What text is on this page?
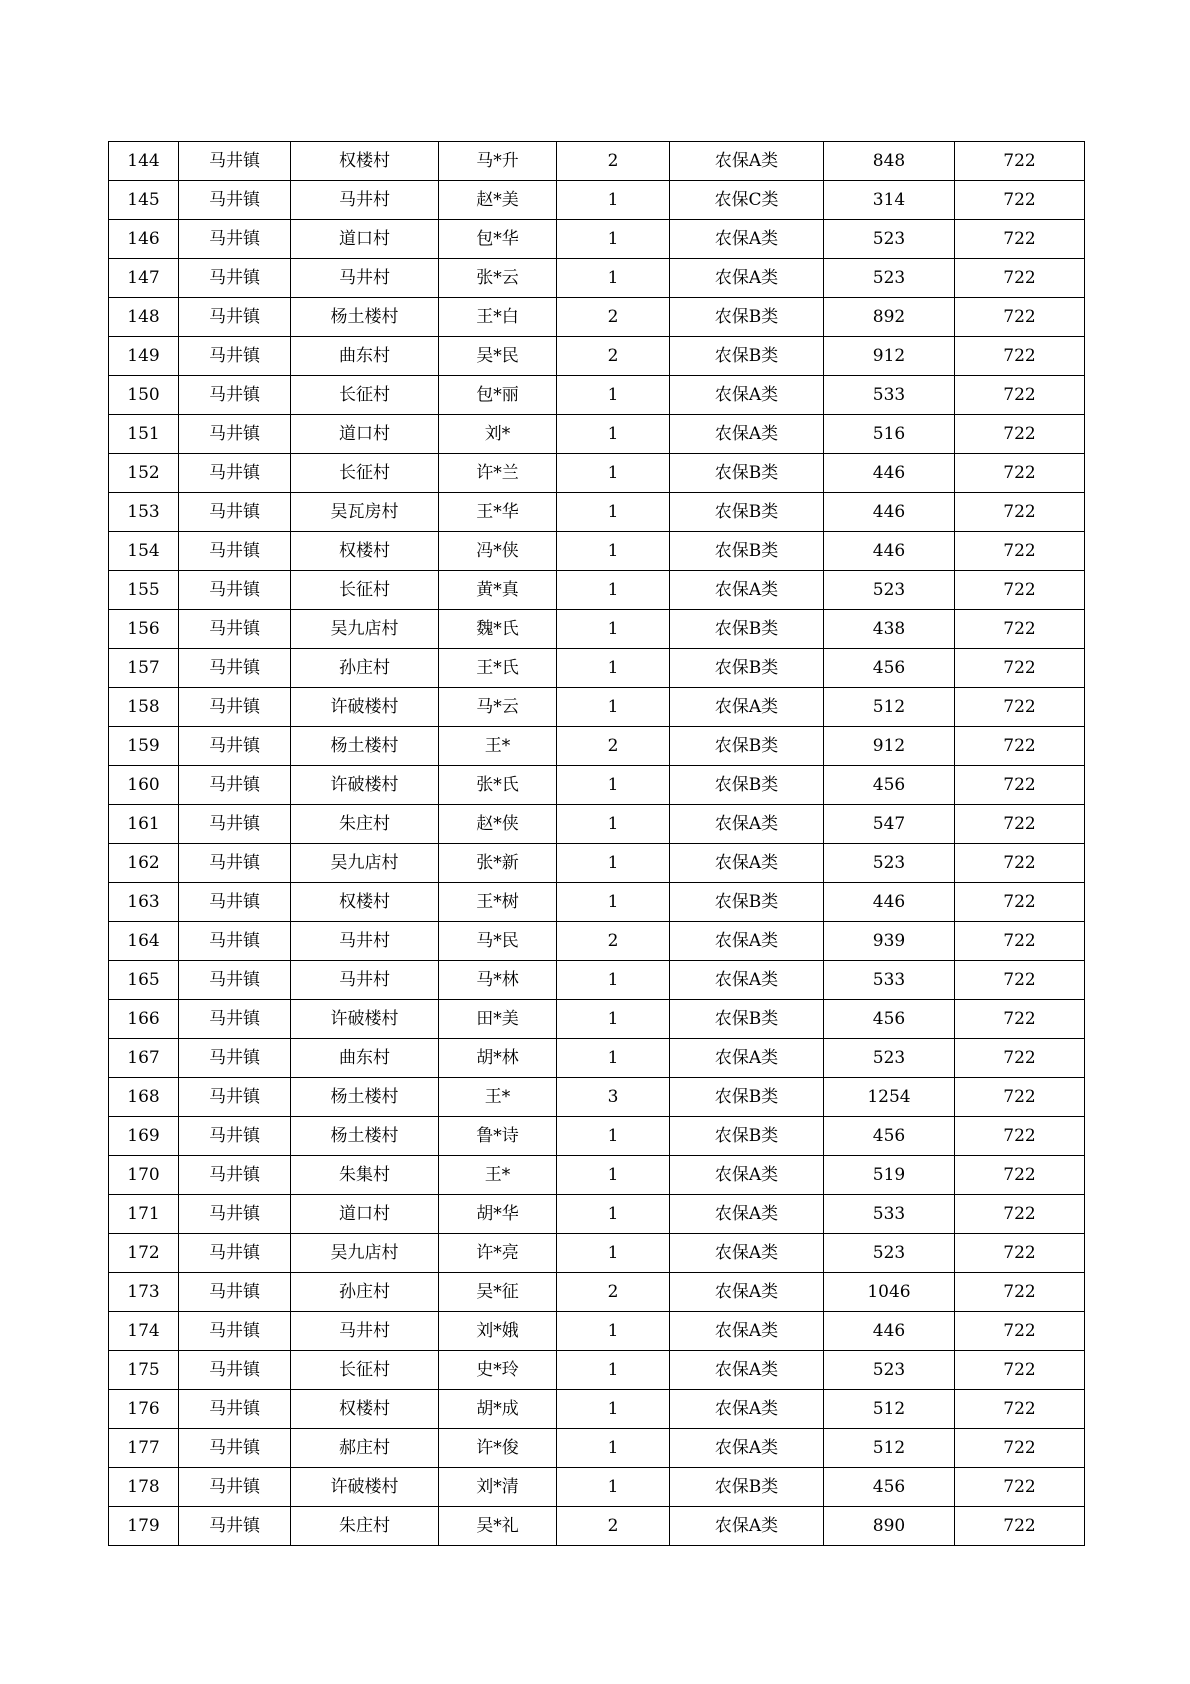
144	马井镇	权楼村	马*升	2	农保A类	848	722
145	马井镇	马井村	赵*美	1	农保C类	314	722
146	马井镇	道口村	包*华	1	农保A类	523	722
147	马井镇	马井村	张*云	1	农保A类	523	722
148	马井镇	杨土楼村	王*白	2	农保B类	892	722
149	马井镇	曲东村	吴*民	2	农保B类	912	722
150	马井镇	长征村	包*丽	1	农保A类	533	722
151	马井镇	道口村	刘*	1	农保A类	516	722
152	马井镇	长征村	许*兰	1	农保B类	446	722
153	马井镇	吴瓦房村	王*华	1	农保B类	446	722
154	马井镇	权楼村	冯*侠	1	农保B类	446	722
155	马井镇	长征村	黄*真	1	农保A类	523	722
156	马井镇	吴九店村	魏*氏	1	农保B类	438	722
157	马井镇	孙庄村	王*氏	1	农保B类	456	722
158	马井镇	许破楼村	马*云	1	农保A类	512	722
159	马井镇	杨土楼村	王*	2	农保B类	912	722
160	马井镇	许破楼村	张*氏	1	农保B类	456	722
161	马井镇	朱庄村	赵*侠	1	农保A类	547	722
162	马井镇	吴九店村	张*新	1	农保A类	523	722
163	马井镇	权楼村	王*树	1	农保B类	446	722
164	马井镇	马井村	马*民	2	农保A类	939	722
165	马井镇	马井村	马*林	1	农保A类	533	722
166	马井镇	许破楼村	田*美	1	农保B类	456	722
167	马井镇	曲东村	胡*林	1	农保A类	523	722
168	马井镇	杨土楼村	王*	3	农保B类	1254	722
169	马井镇	杨土楼村	鲁*诗	1	农保B类	456	722
170	马井镇	朱集村	王*	1	农保A类	519	722
171	马井镇	道口村	胡*华	1	农保A类	533	722
172	马井镇	吴九店村	许*亮	1	农保A类	523	722
173	马井镇	孙庄村	吴*征	2	农保A类	1046	722
174	马井镇	马井村	刘*娥	1	农保A类	446	722
175	马井镇	长征村	史*玲	1	农保A类	523	722
176	马井镇	权楼村	胡*成	1	农保A类	512	722
177	马井镇	郝庄村	许*俊	1	农保A类	512	722
178	马井镇	许破楼村	刘*清	1	农保B类	456	722
179	马井镇	朱庄村	吴*礼	2	农保A类	890	722
